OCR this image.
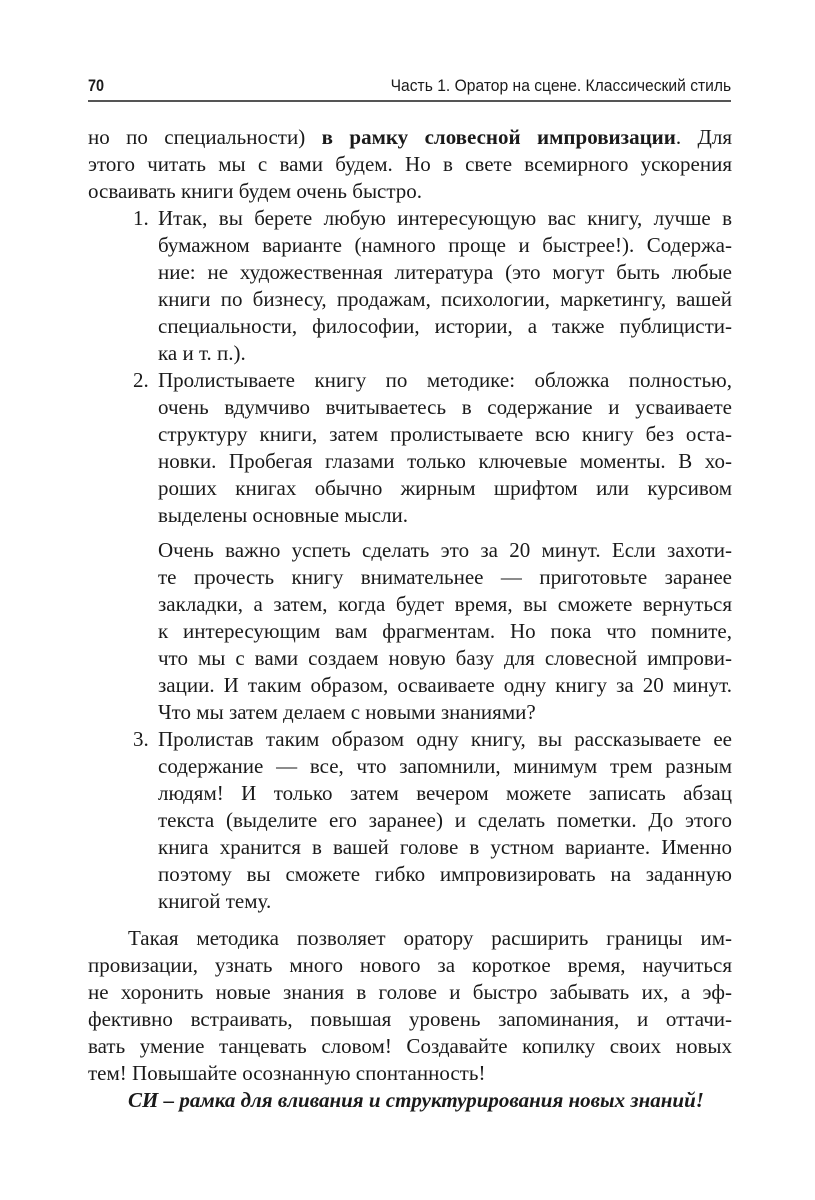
70	Часть 1. Оратор на сцене. Классический стиль
но по специальности) в рамку словесной импровизации. Для
этого читать мы с вами будем. Но в свете всемирного ускорения
осваивать книги будем очень быстро.
Итак, вы берете любую интересующую вас книгу, лучше в
1.
бумажном варианте (намного проще и быстрее!). Содержа-
ние: не художественная литература (это могут быть любые
книги по бизнесу, продажам, психологии, маркетингу, вашей
специальности, философии, истории, а также публицисти-
ка и т. п.).
Пролистываете книгу по методике: обложка полностью,
2.
очень вдумчиво вчитываетесь в содержание и усваиваете
структуру книги, затем пролистываете всю книгу без оста-
новки. Пробегая глазами только ключевые моменты. В хо-
роших книгах обычно жирным шрифтом или курсивом
выделены основные мысли.
Очень важно успеть сделать это за 20 минут. Если захоти-
те прочесть книгу внимательнее — приготовьте заранее
закладки, а затем, когда будет время, вы сможете вернуться
к интересующим вам фрагментам. Но пока что помните,
что мы с вами создаем новую базу для словесной импрови-
зации. И таким образом, осваиваете одну книгу за 20 минут.
Что мы затем делаем с новыми знаниями?
Пролистав таким образом одну книгу, вы рассказываете ее
3.
содержание — все, что запомнили, минимум трем разным
людям! И только затем вечером можете записать абзац
текста (выделите его заранее) и сделать пометки. До этого
книга хранится в вашей голове в устном варианте. Именно
поэтому вы сможете гибко импровизировать на заданную
книгой тему.
Такая методика позволяет оратору расширить границы им-
провизации, узнать много нового за короткое время, научиться
не хоронить новые знания в голове и быстро забывать их, а эф-
фективно встраивать, повышая уровень запоминания, и оттачи-
вать умение танцевать словом! Создавайте копилку своих новых
тем! Повышайте осознанную спонтанность!
СИ – рамка для вливания и структурирования новых знаний!
